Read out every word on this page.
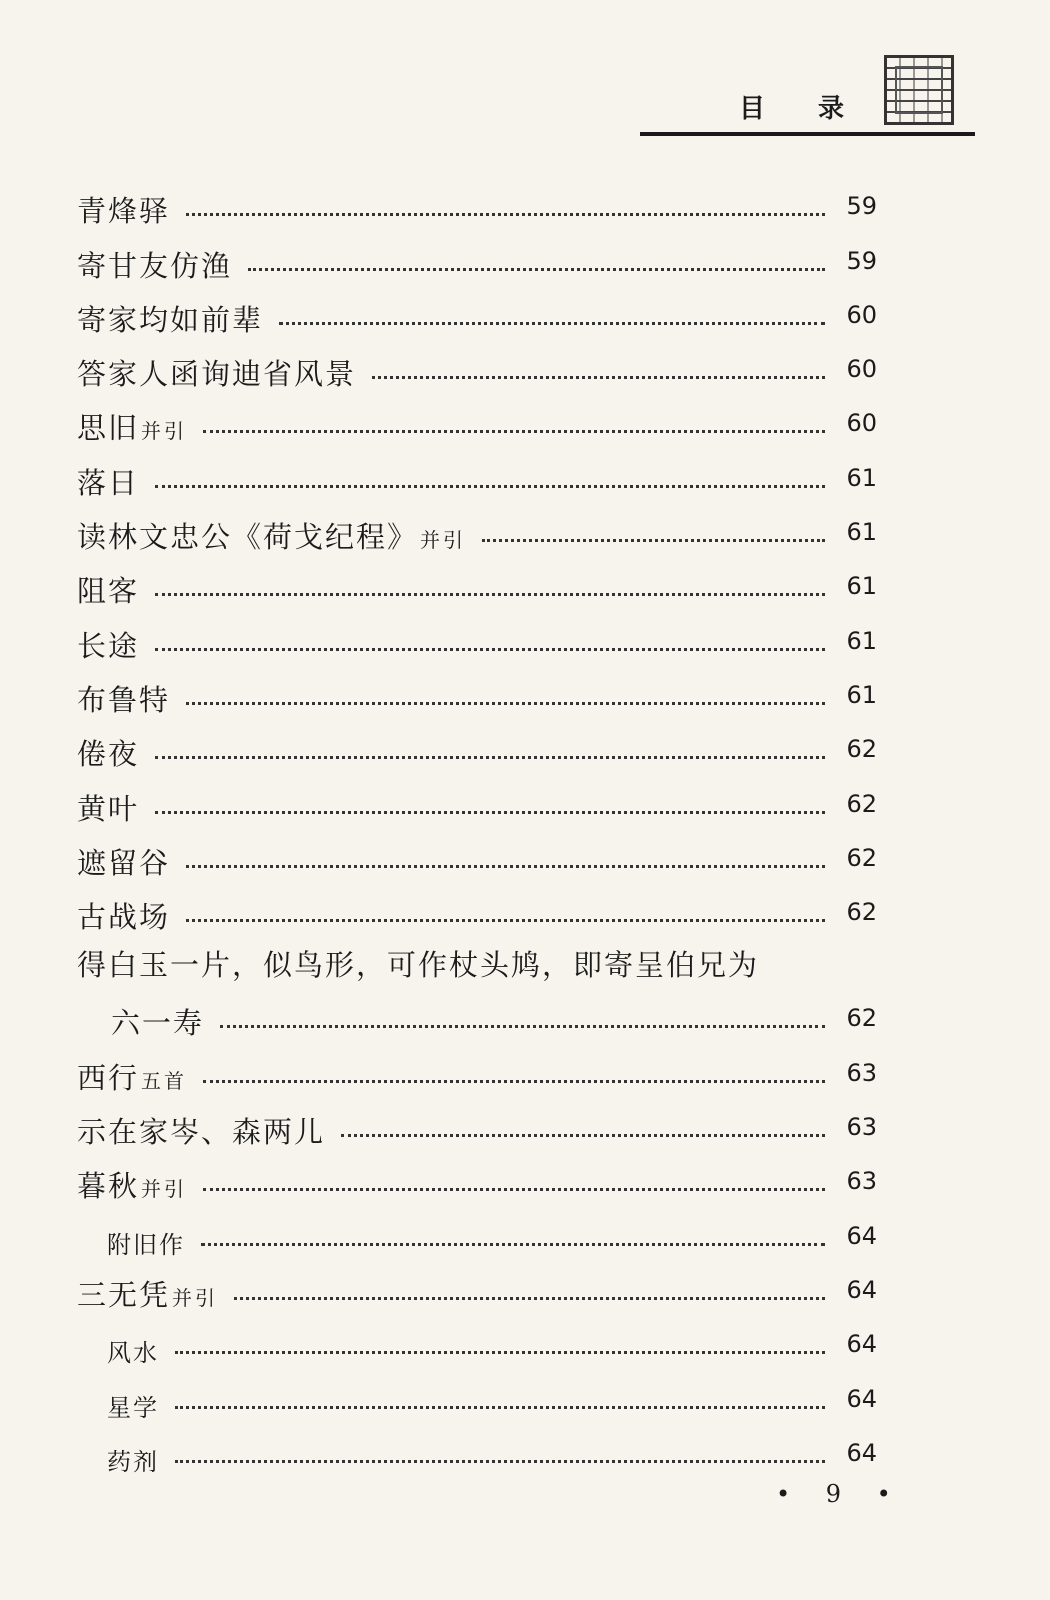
目 录
青烽驿	59
寄甘友仿渔	59
寄家均如前辈	60
答家人函询迪省风景	60
思旧 并引	60
落日	61
读林文忠公《荷戈纪程》 并引	61
阻客	61
长途	61
布鲁特	61
倦夜	62
黄叶	62
遮留谷	62
古战场	62
得白玉一片，似鸟形，可作杖头鸠，即寄呈伯兄为
六一寿	62
西行 五首	63
示在家岑、森两儿	63
暮秋 并引	63
附旧作	64
三无凭 并引	64
风水	64
星学	64
药剂	64
• 9 •
